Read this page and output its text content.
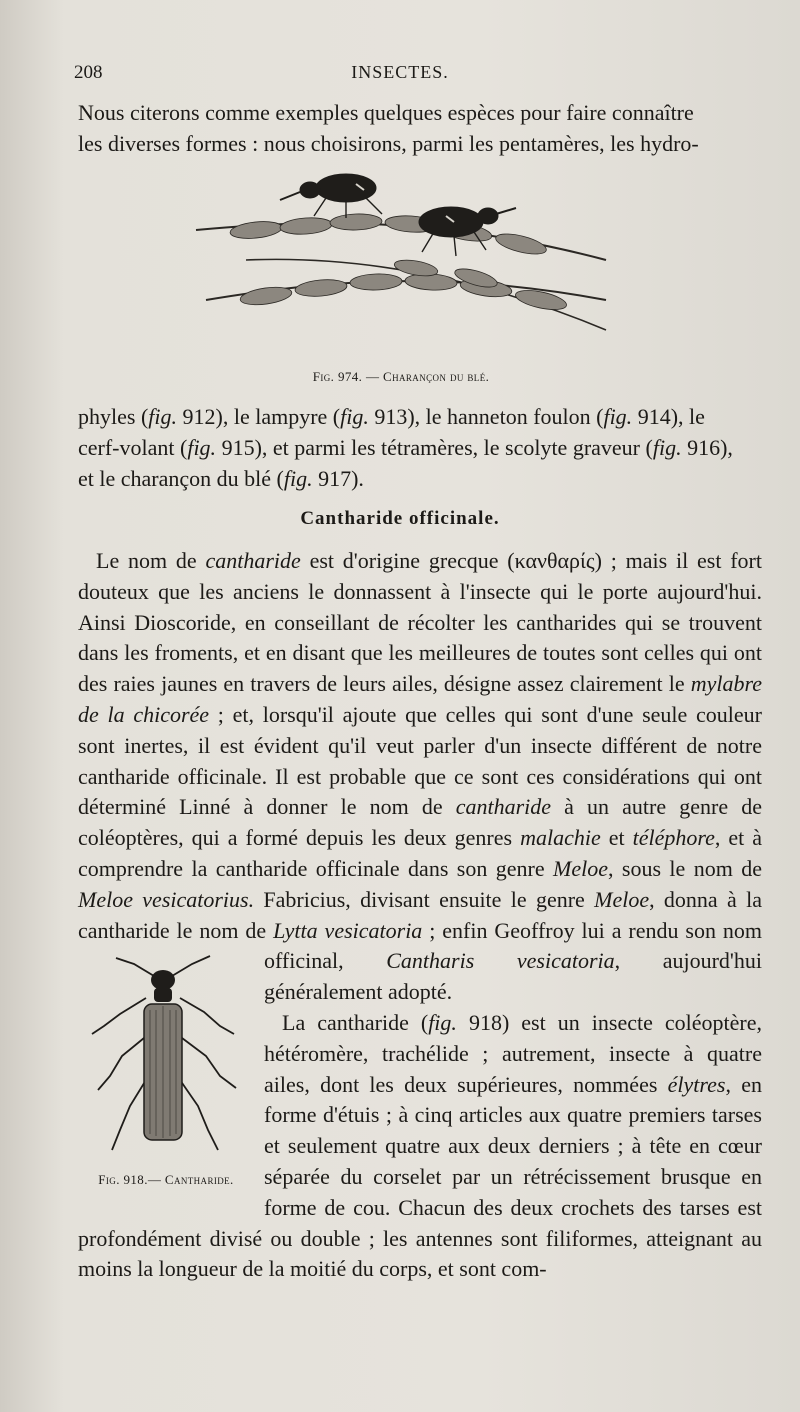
208	INSECTES.
Nous citerons comme exemples quelques espèces pour faire connaître
les diverses formes : nous choisirons, parmi les pentamères, les hydro-
Fig. 974. — Charançon du blé.
phyles (fig. 912), le lampyre (fig. 913), le hanneton foulon (fig. 914), le
cerf-volant (fig. 915), et parmi les tétramères, le scolyte graveur (fig. 916),
et le charançon du blé (fig. 917).
Cantharide officinale.

Le nom de cantharide est d'origine grecque (κανθαρίς) ; mais il est fort douteux que les anciens le donnassent à l'insecte qui le porte aujourd'hui. Ainsi Dioscoride, en conseillant de récolter les cantharides qui se trouvent dans les froments, et en disant que les meilleures de toutes sont celles qui ont des raies jaunes en travers de leurs ailes, désigne assez clairement le mylabre de la chicorée ; et, lorsqu'il ajoute que celles qui sont d'une seule couleur sont inertes, il est évident qu'il veut parler d'un insecte différent de notre cantharide officinale. Il est probable que ce sont ces considérations qui ont déterminé Linné à donner le nom de cantharide à un autre genre de coléoptères, qui a formé depuis les deux genres malachie et téléphore, et à comprendre la cantharide officinale dans son genre Meloe, sous le nom de Meloe vesicatorius. Fabricius, divisant ensuite le genre Meloe, donna à la cantharide le nom de Lytta vesicatoria ; enfin Geoffroy lui a rendu son nom officinal, Cantharis vesicatoria, aujourd'hui généralement adopté.

La cantharide (fig. 918) est un insecte coléoptère, hétéromère, trachélide ; autrement, insecte à quatre ailes, dont les deux supérieures, nommées élytres, en forme d'étuis ; à cinq articles aux quatre premiers tarses et seulement quatre aux deux derniers ; à tête en cœur séparée du corselet par un rétrécissement brusque en forme de cou. Chacun des deux crochets des tarses est profondément divisé ou double ; les antennes sont filiformes, atteignant au moins la longueur de la moitié du corps, et sont com-

Fig. 918.— Cantharide.
